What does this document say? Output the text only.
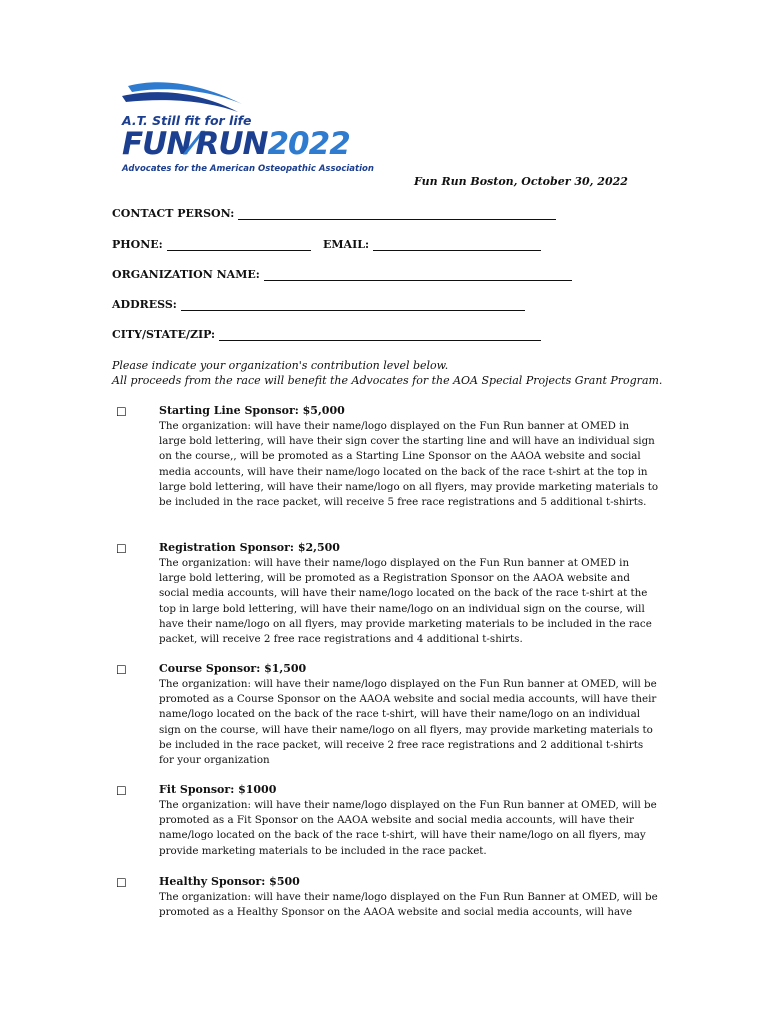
A.T. Still fit for life
FUN⁄RUN2022
Advocates for the American Osteopathic Association
Fun Run Boston, October 30, 2022
CONTACT PERSON:
PHONE:	EMAIL:
ORGANIZATION NAME:
ADDRESS:
CITY/STATE/ZIP:
Please indicate your organization's contribution level below.
All proceeds from the race will benefit the Advocates for the AOA Special Projects Grant Program.
☐	Starting Line Sponsor: $5,000
The organization: will have their name/logo displayed on the Fun Run banner at OMED in large bold lettering, will have their sign cover the starting line and will have an individual sign on the course,, will be promoted as a Starting Line Sponsor on the AAOA website and social media accounts, will have their name/logo located on the back of the race t-shirt at the top in large bold lettering, will have their name/logo on all flyers, may provide marketing materials to be included in the race packet, will receive 5 free race registrations and 5 additional t-shirts.
☐	Registration Sponsor: $2,500
The organization: will have their name/logo displayed on the Fun Run banner at OMED in large bold lettering, will be promoted as a Registration Sponsor on the AAOA website and social media accounts, will have their name/logo located on the back of the race t-shirt at the top in large bold lettering, will have their name/logo on an individual sign on the course, will have their name/logo on all flyers, may provide marketing materials to be included in the race packet, will receive 2 free race registrations and 4 additional t-shirts.
☐	Course Sponsor: $1,500
The organization: will have their name/logo displayed on the Fun Run banner at OMED, will be promoted as a Course Sponsor on the AAOA website and social media accounts, will have their name/logo located on the back of the race t-shirt, will have their name/logo on an individual sign on the course, will have their name/logo on all flyers, may provide marketing materials to be included in the race packet, will receive 2 free race registrations and 2 additional t-shirts for your organization
☐	Fit Sponsor: $1000
The organization: will have their name/logo displayed on the Fun Run banner at OMED, will be promoted as a Fit Sponsor on the AAOA website and social media accounts, will have their name/logo located on the back of the race t-shirt, will have their name/logo on all flyers, may provide marketing materials to be included in the race packet.
☐	Healthy Sponsor: $500
The organization: will have their name/logo displayed on the Fun Run Banner at OMED, will be promoted as a Healthy Sponsor on the AAOA website and social media accounts, will have
